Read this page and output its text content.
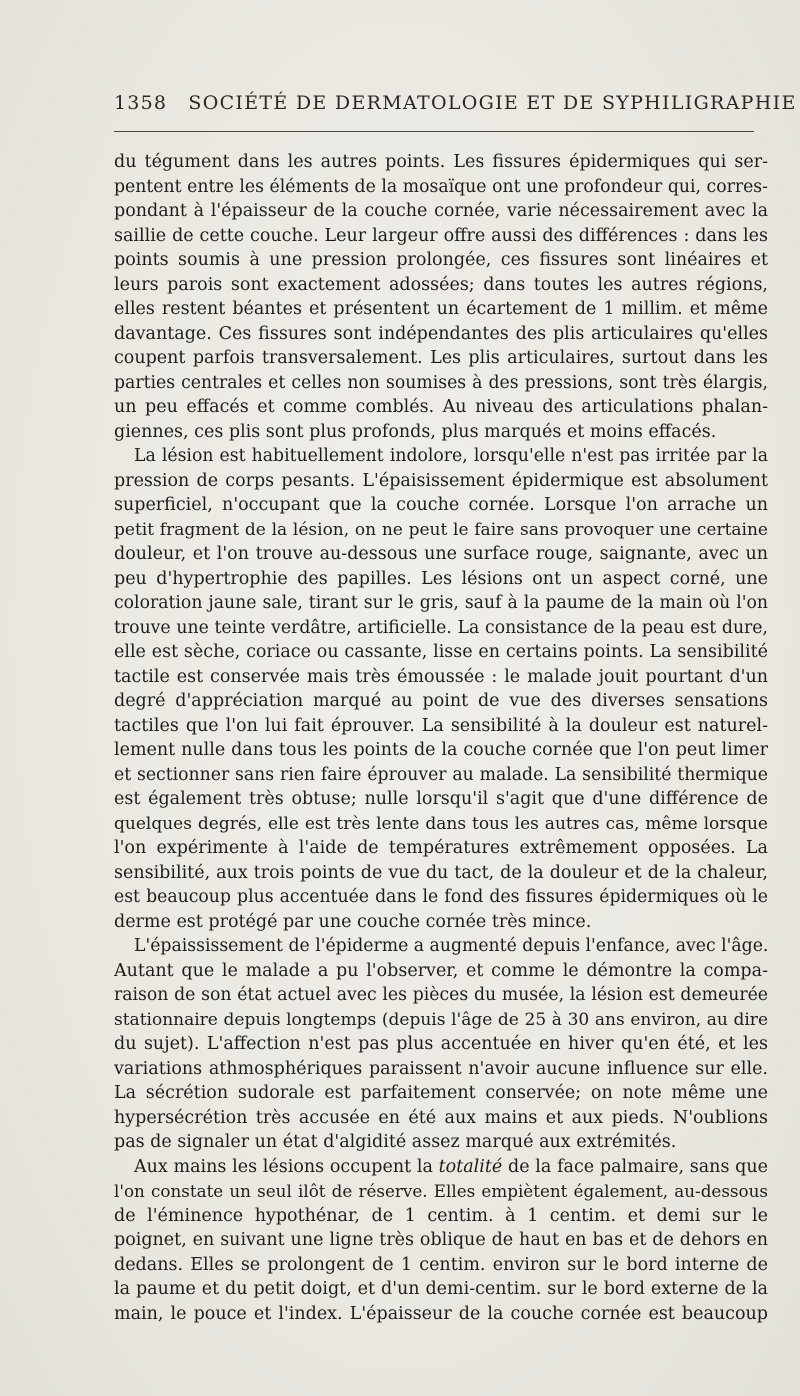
1358 SOCIÉTÉ DE DERMATOLOGIE ET DE SYPHILIGRAPHIE
du tégument dans les autres points. Les fissures épidermiques qui ser-
pentent entre les éléments de la mosaïque ont une profondeur qui, corres-
pondant à l'épaisseur de la couche cornée, varie nécessairement avec la
saillie de cette couche. Leur largeur offre aussi des différences : dans les
points soumis à une pression prolongée, ces fissures sont linéaires et
leurs parois sont exactement adossées; dans toutes les autres régions,
elles restent béantes et présentent un écartement de 1 millim. et même
davantage. Ces fissures sont indépendantes des plis articulaires qu'elles
coupent parfois transversalement. Les plis articulaires, surtout dans les
parties centrales et celles non soumises à des pressions, sont très élargis,
un peu effacés et comme comblés. Au niveau des articulations phalan-
giennes, ces plis sont plus profonds, plus marqués et moins effacés.
La lésion est habituellement indolore, lorsqu'elle n'est pas irritée par la
pression de corps pesants. L'épaisissement épidermique est absolument
superficiel, n'occupant que la couche cornée. Lorsque l'on arrache un
petit fragment de la lésion, on ne peut le faire sans provoquer une certaine
douleur, et l'on trouve au-dessous une surface rouge, saignante, avec un
peu d'hypertrophie des papilles. Les lésions ont un aspect corné, une
coloration jaune sale, tirant sur le gris, sauf à la paume de la main où l'on
trouve une teinte verdâtre, artificielle. La consistance de la peau est dure,
elle est sèche, coriace ou cassante, lisse en certains points. La sensibilité
tactile est conservée mais très émoussée : le malade jouit pourtant d'un
degré d'appréciation marqué au point de vue des diverses sensations
tactiles que l'on lui fait éprouver. La sensibilité à la douleur est naturel-
lement nulle dans tous les points de la couche cornée que l'on peut limer
et sectionner sans rien faire éprouver au malade. La sensibilité thermique
est également très obtuse; nulle lorsqu'il s'agit que d'une différence de
quelques degrés, elle est très lente dans tous les autres cas, même lorsque
l'on expérimente à l'aide de températures extrêmement opposées. La
sensibilité, aux trois points de vue du tact, de la douleur et de la chaleur,
est beaucoup plus accentuée dans le fond des fissures épidermiques où le
derme est protégé par une couche cornée très mince.
L'épaississement de l'épiderme a augmenté depuis l'enfance, avec l'âge.
Autant que le malade a pu l'observer, et comme le démontre la compa-
raison de son état actuel avec les pièces du musée, la lésion est demeurée
stationnaire depuis longtemps (depuis l'âge de 25 à 30 ans environ, au dire
du sujet). L'affection n'est pas plus accentuée en hiver qu'en été, et les
variations athmosphériques paraissent n'avoir aucune influence sur elle.
La sécrétion sudorale est parfaitement conservée; on note même une
hypersécrétion très accusée en été aux mains et aux pieds. N'oublions
pas de signaler un état d'algidité assez marqué aux extrémités.
Aux mains les lésions occupent la totalité de la face palmaire, sans que
l'on constate un seul ilôt de réserve. Elles empiètent également, au-dessous
de l'éminence hypothénar, de 1 centim. à 1 centim. et demi sur le
poignet, en suivant une ligne très oblique de haut en bas et de dehors en
dedans. Elles se prolongent de 1 centim. environ sur le bord interne de
la paume et du petit doigt, et d'un demi-centim. sur le bord externe de la
main, le pouce et l'index. L'épaisseur de la couche cornée est beaucoup
